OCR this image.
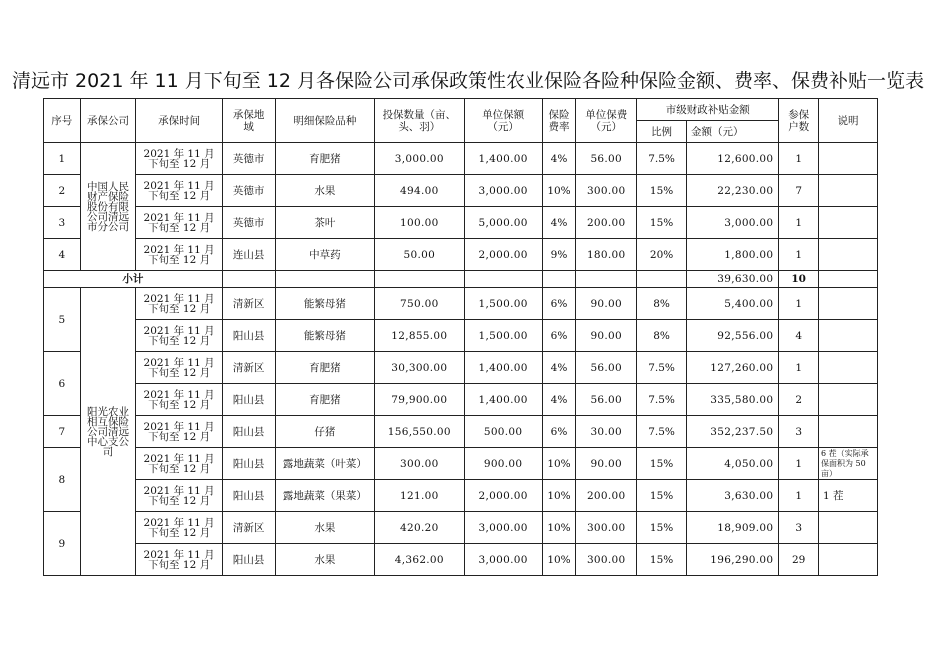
清远市 2021 年 11 月下旬至 12 月各保险公司承保政策性农业保险各险种保险金额、费率、保费补贴一览表
序号	承保公司	承保时间	承保地域	明细保险品种	投保数量（亩、头、羽）	单位保额（元）	保险费率	单位保费（元）	市级财政补贴金额		参保户数	说明
									比例	金额（元）		
1	中国人民财产保险股份有限公司清远市分公司	2021 年 11 月下旬至 12 月	英德市	育肥猪	3,000.00	1,400.00	4%	56.00	7.5%	12,600.00	1	
2		2021 年 11 月下旬至 12 月	英德市	水果	494.00	3,000.00	10%	300.00	15%	22,230.00	7	
3		2021 年 11 月下旬至 12 月	英德市	茶叶	100.00	5,000.00	4%	200.00	15%	3,000.00	1	
4		2021 年 11 月下旬至 12 月	连山县	中草药	50.00	2,000.00	9%	180.00	20%	1,800.00	1	
小计										39,630.00	10	
5	阳光农业相互保险公司清远中心支公司	2021 年 11 月下旬至 12 月	清新区	能繁母猪	750.00	1,500.00	6%	90.00	8%	5,400.00	1	
		2021 年 11 月下旬至 12 月	阳山县	能繁母猪	12,855.00	1,500.00	6%	90.00	8%	92,556.00	4	
6		2021 年 11 月下旬至 12 月	清新区	育肥猪	30,300.00	1,400.00	4%	56.00	7.5%	127,260.00	1	
		2021 年 11 月下旬至 12 月	阳山县	育肥猪	79,900.00	1,400.00	4%	56.00	7.5%	335,580.00	2	
7		2021 年 11 月下旬至 12 月	阳山县	仔猪	156,550.00	500.00	6%	30.00	7.5%	352,237.50	3	
8		2021 年 11 月下旬至 12 月	阳山县	露地蔬菜（叶菜）	300.00	900.00	10%	90.00	15%	4,050.00	1	6 茬（实际承保面积为 50 亩）
		2021 年 11 月下旬至 12 月	阳山县	露地蔬菜（果菜）	121.00	2,000.00	10%	200.00	15%	3,630.00	1	1 茬
9		2021 年 11 月下旬至 12 月	清新区	水果	420.20	3,000.00	10%	300.00	15%	18,909.00	3	
		2021 年 11 月下旬至 12 月	阳山县	水果	4,362.00	3,000.00	10%	300.00	15%	196,290.00	29	
